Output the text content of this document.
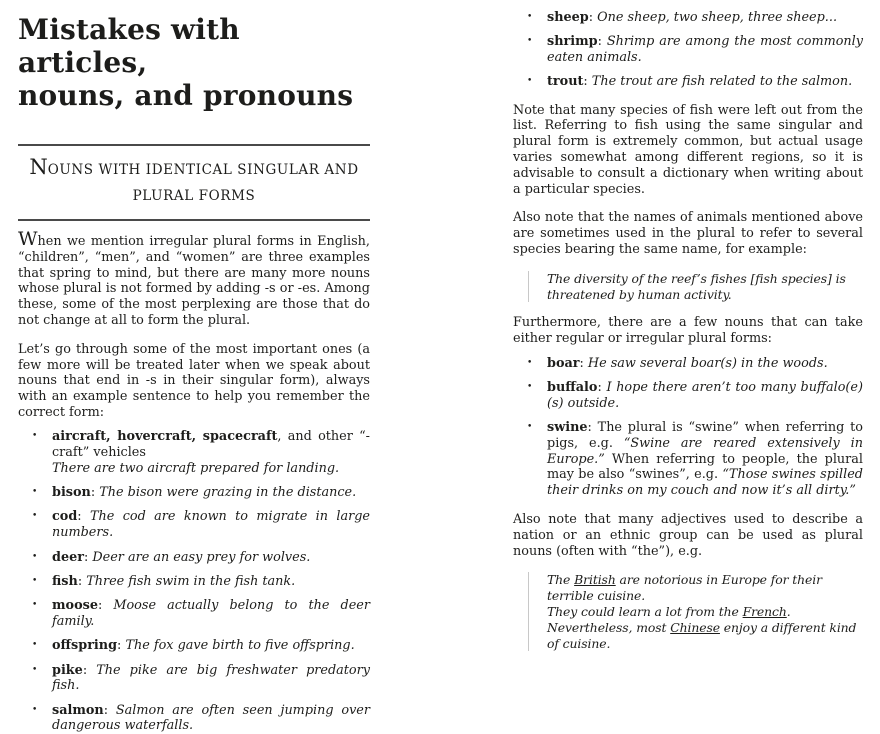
Mistakes with articles,
nouns, and pronouns
NOUNS WITH IDENTICAL SINGULAR AND PLURAL FORMS

When we mention irregular plural forms in English, “children”, “men”, and “women” are three examples that spring to mind, but there are many more nouns whose plural is not formed by adding -s or -es. Among these, some of the most perplexing are those that do not change at all to form the plural.

Let’s go through some of the most important ones (a few more will be treated later when we speak about nouns that end in -s in their singular form), always with an example sentence to help you remember the correct form:

•	aircraft, hovercraft, spacecraft, and other “-craft” vehicles
There are two aircraft prepared for landing.
•	bison: The bison were grazing in the distance.
•	cod: The cod are known to migrate in large numbers.
•	deer: Deer are an easy prey for wolves.
•	fish: Three fish swim in the fish tank.
•	moose: Moose actually belong to the deer family.
•	offspring: The fox gave birth to five offspring.
•	pike: The pike are big freshwater predatory fish.
•	salmon: Salmon are often seen jumping over dangerous waterfalls.
•	sheep: One sheep, two sheep, three sheep...
•	shrimp: Shrimp are among the most commonly eaten animals.
•	trout: The trout are fish related to the salmon.

Note that many species of fish were left out from the list. Referring to fish using the same singular and plural form is extremely common, but actual usage varies somewhat among different regions, so it is advisable to consult a dictionary when writing about a particular species.

Also note that the names of animals mentioned above are sometimes used in the plural to refer to several species bearing the same name, for example:

The diversity of the reef’s fishes [fish species] is threatened by human activity.

Furthermore, there are a few nouns that can take either regular or irregular plural forms:

•	boar: He saw several boar(s) in the woods.
•	buffalo: I hope there aren’t too many buffalo(e)(s) outside.
•	swine: The plural is “swine” when referring to pigs, e.g. “Swine are reared extensively in Europe.” When referring to people, the plural may be also “swines”, e.g. “Those swines spilled their drinks on my couch and now it’s all dirty.”

Also note that many adjectives used to describe a nation or an ethnic group can be used as plural nouns (often with “the”), e.g.

The British are notorious in Europe for their terrible cuisine.
They could learn a lot from the French.
Nevertheless, most Chinese enjoy a different kind of cuisine.
